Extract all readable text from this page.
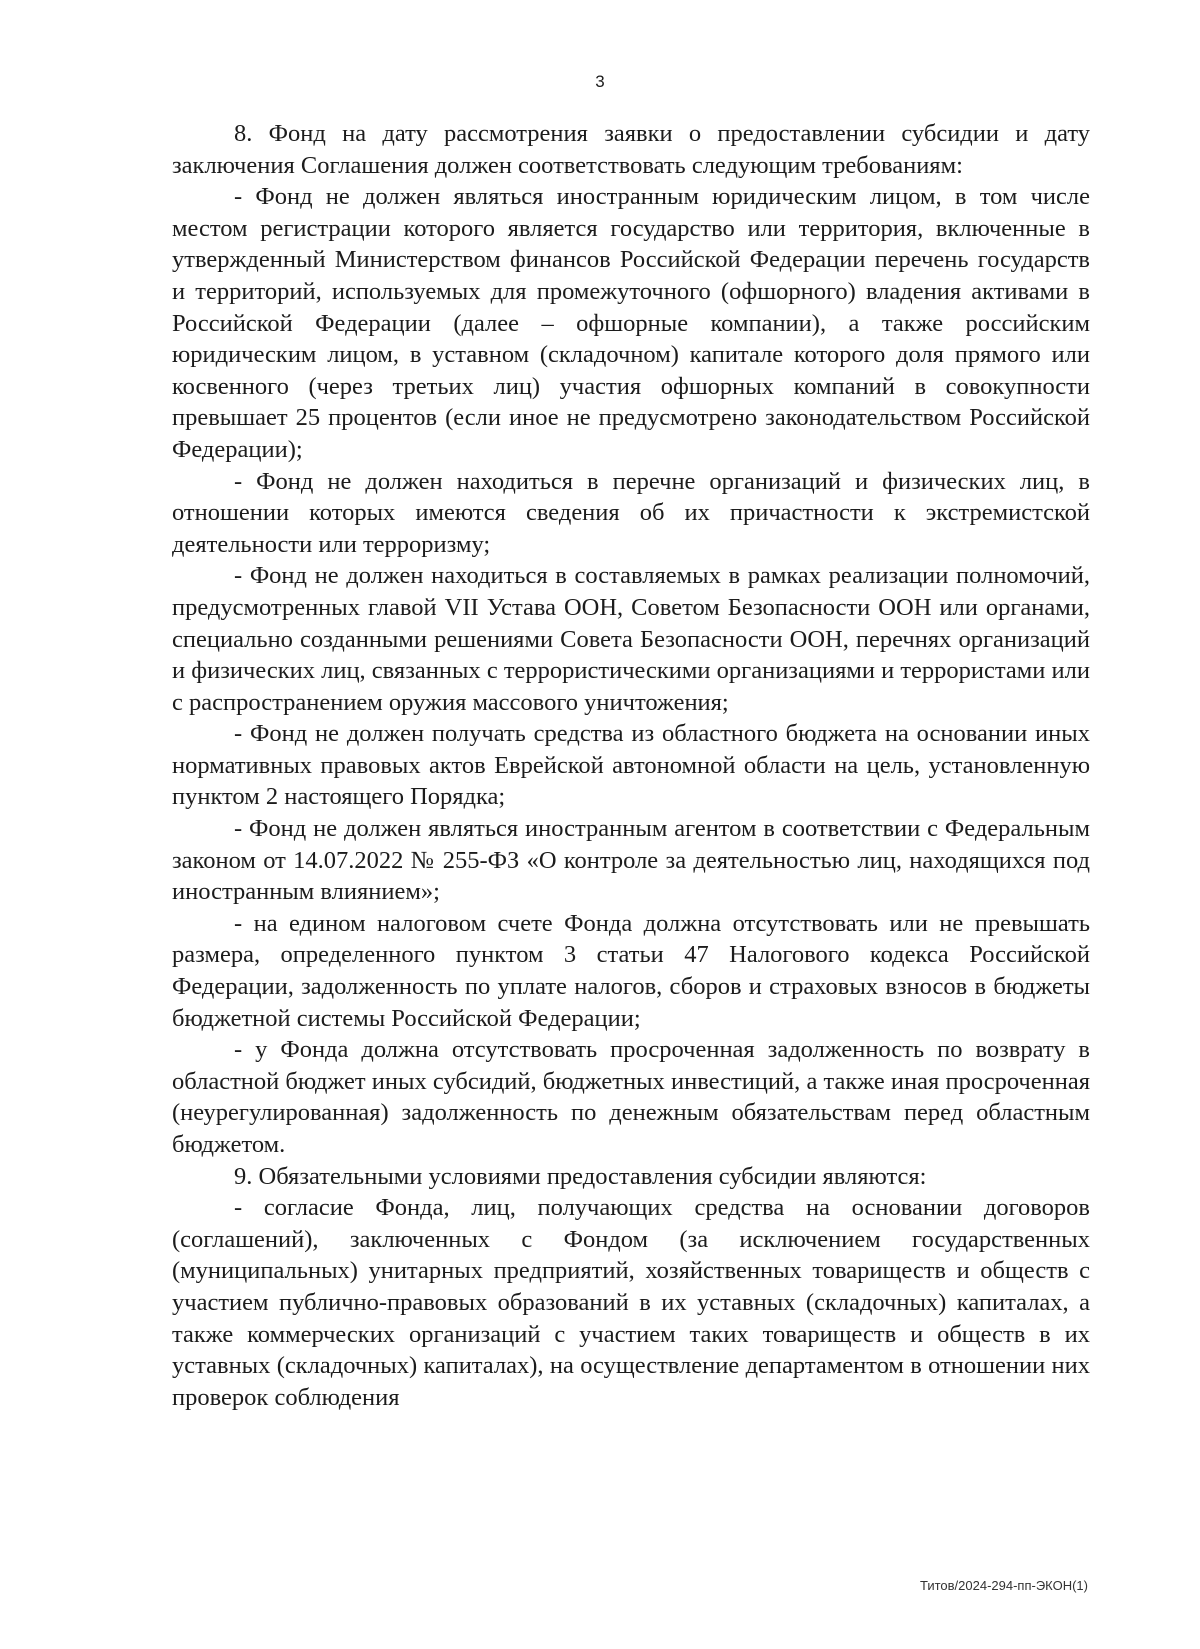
3

8. Фонд на дату рассмотрения заявки о предоставлении субсидии и дату заключения Соглашения должен соответствовать следующим требованиям:

- Фонд не должен являться иностранным юридическим лицом, в том числе местом регистрации которого является государство или территория, включенные в утвержденный Министерством финансов Российской Федерации перечень государств и территорий, используемых для промежуточного (офшорного) владения активами в Российской Федерации (далее – офшорные компании), а также российским юридическим лицом, в уставном (складочном) капитале которого доля прямого или косвенного (через третьих лиц) участия офшорных компаний в совокупности превышает 25 процентов (если иное не предусмотрено законодательством Российской Федерации);

- Фонд не должен находиться в перечне организаций и физических лиц, в отношении которых имеются сведения об их причастности к экстремистской деятельности или терроризму;

- Фонд не должен находиться в составляемых в рамках реализации полномочий, предусмотренных главой VII Устава ООН, Советом Безопасности ООН или органами, специально созданными решениями Совета Безопасности ООН, перечнях организаций и физических лиц, связанных с террористическими организациями и террористами или с распространением оружия массового уничтожения;

- Фонд не должен получать средства из областного бюджета на основании иных нормативных правовых актов Еврейской автономной области на цель, установленную пунктом 2 настоящего Порядка;

- Фонд не должен являться иностранным агентом в соответствии с Федеральным законом от 14.07.2022 № 255-ФЗ «О контроле за деятельностью лиц, находящихся под иностранным влиянием»;

- на едином налоговом счете Фонда должна отсутствовать или не превышать размера, определенного пунктом 3 статьи 47 Налогового кодекса Российской Федерации, задолженность по уплате налогов, сборов и страховых взносов в бюджеты бюджетной системы Российской Федерации;

- у Фонда должна отсутствовать просроченная задолженность по возврату в областной бюджет иных субсидий, бюджетных инвестиций, а также иная просроченная (неурегулированная) задолженность по денежным обязательствам перед областным бюджетом.

9. Обязательными условиями предоставления субсидии являются:

- согласие Фонда, лиц, получающих средства на основании договоров (соглашений), заключенных с Фондом (за исключением государственных (муниципальных) унитарных предприятий, хозяйственных товариществ и обществ с участием публично-правовых образований в их уставных (складочных) капиталах, а также коммерческих организаций с участием таких товариществ и обществ в их уставных (складочных) капиталах), на осуществление департаментом в отношении них проверок соблюдения

Титов/2024-294-пп-ЭКОН(1)
